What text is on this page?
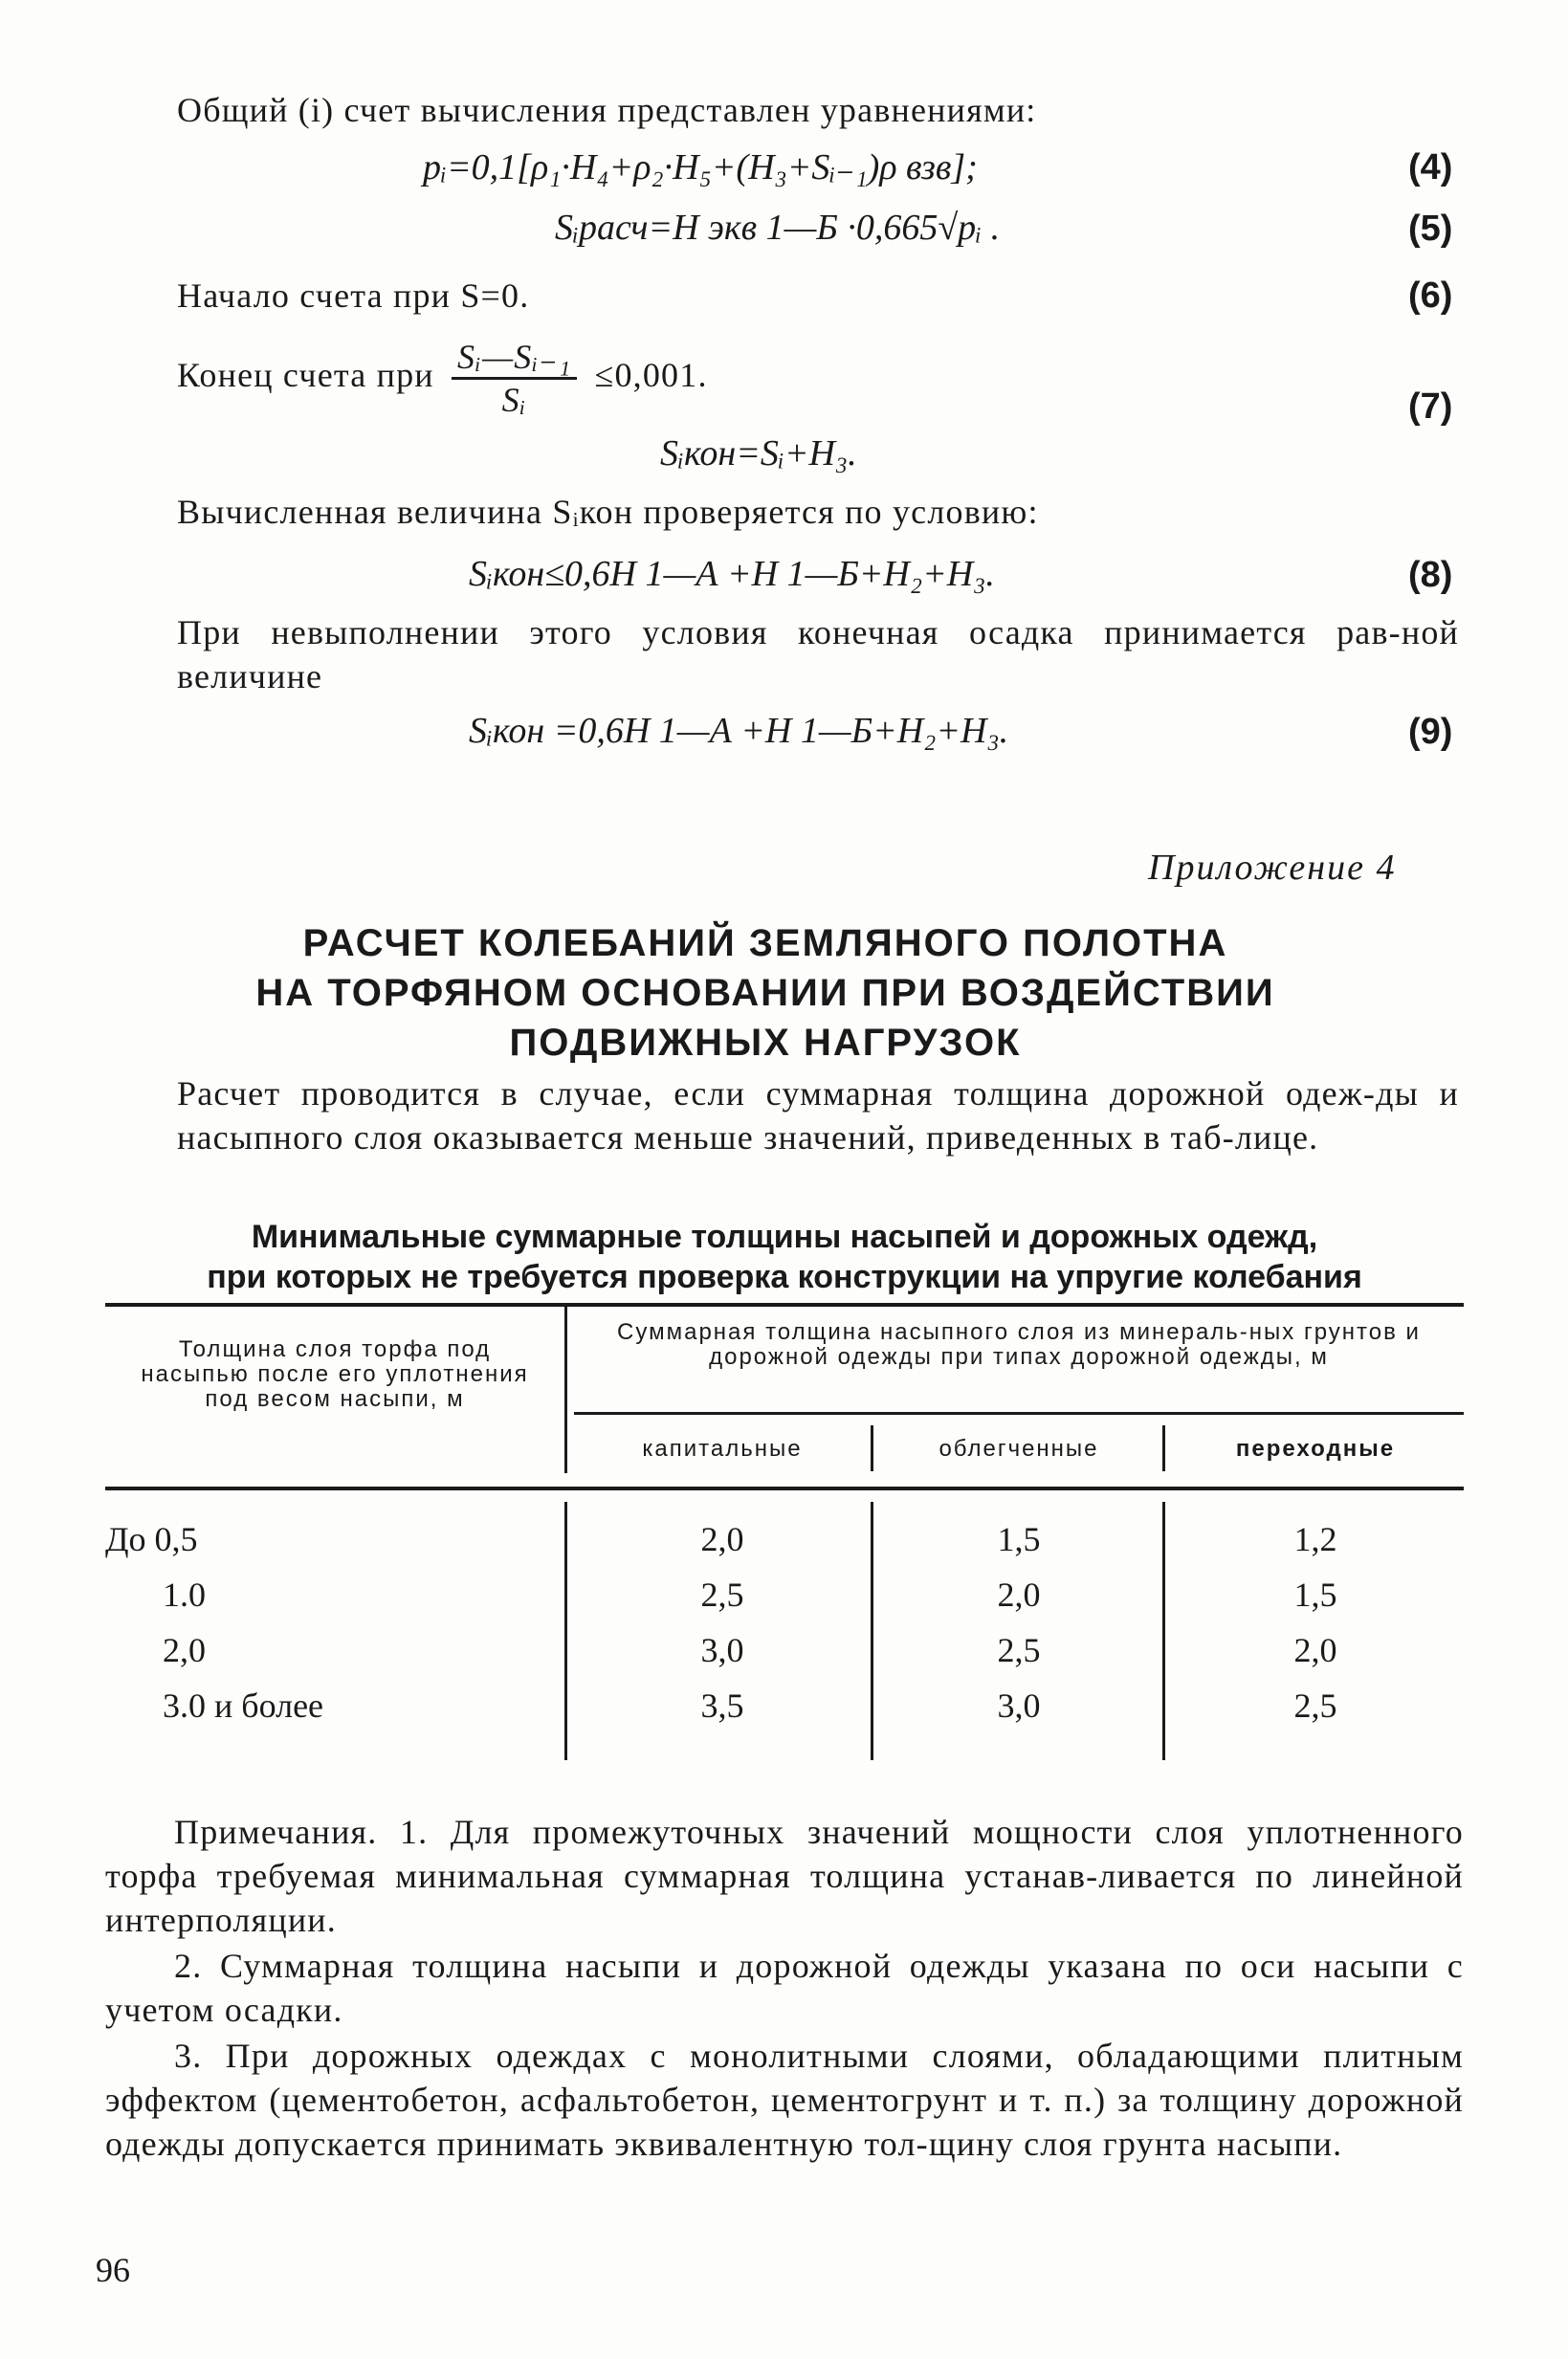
Общий (i) счет вычисления представлен уравнениями:
pᵢ=0,1[ρ₁·H₄+ρ₂·H₅+(H₃+Sᵢ₋₁)ρ взв];	(4)
Sᵢрасч=H экв 1—Б ·0,665√pᵢ .	(5)
Начало счета при S=0.	(6)
Конец счета при $\frac{\text{Sᵢ—Sᵢ₋₁}}{\text{Sᵢ}} \le 0,001$.
(7)
Sᵢкон=Sᵢ+H₃.
Вычисленная величина Sᵢкон проверяется по условию:
Sᵢкон≤0,6H 1—А +H 1—Б+H₂+H₃.	(8)
При невыполнении этого условия конечная осадка принимается рав-ной величине
Sᵢкон =0,6H 1—А +H 1—Б+H₂+H₃.	(9)
Приложение 4
РАСЧЕТ КОЛЕБАНИЙ ЗЕМЛЯНОГО ПОЛОТНА
НА ТОРФЯНОМ ОСНОВАНИИ ПРИ ВОЗДЕЙСТВИИ
ПОДВИЖНЫХ НАГРУЗОК
Расчет проводится в случае, если суммарная толщина дорожной одеж-ды и насыпного слоя оказывается меньше значений, приведенных в таб-лице.
Минимальные суммарные толщины насыпей и дорожных одежд,
при которых не требуется проверка конструкции на упругие колебания
Толщина слоя торфа под насыпью после его уплотнения под весом насыпи, м
Суммарная толщина насыпного слоя из минераль-ных грунтов и дорожной одежды при типах дорожной одежды, м
капитальные	облегченные	переходные
До 0,5	2,0	1,5	1,2
1.0	2,5	2,0	1,5
2,0	3,0	2,5	2,0
3.0 и более	3,5	3,0	2,5
Примечания. 1. Для промежуточных значений мощности слоя уплотненного торфа требуемая минимальная суммарная толщина устанав-ливается по линейной интерполяции.
2. Суммарная толщина насыпи и дорожной одежды указана по оси насыпи с учетом осадки.
3. При дорожных одеждах с монолитными слоями, обладающими плитным эффектом (цементобетон, асфальтобетон, цементогрунт и т. п.) за толщину дорожной одежды допускается принимать эквивалентную тол-щину слоя грунта насыпи.
96
